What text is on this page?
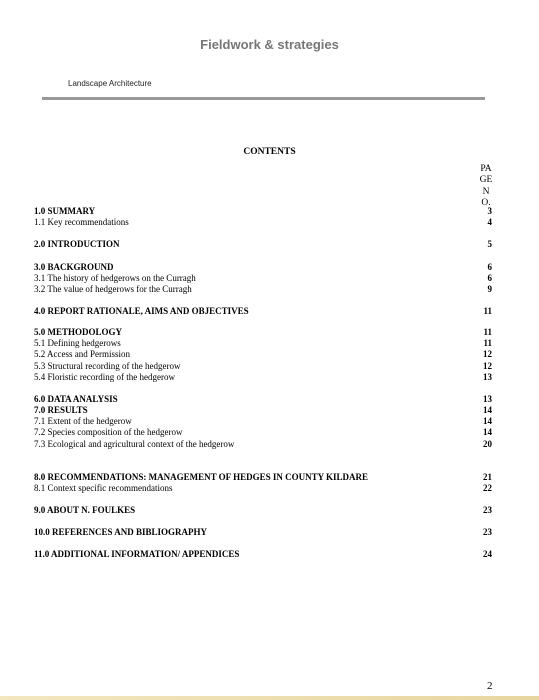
Fieldwork & strategies
Landscape Architecture
CONTENTS
PA
GE
N
O.
1.0 SUMMARY	3
1.1 Key recommendations	4
2.0 INTRODUCTION	5
3.0 BACKGROUND	6
3.1 The history of hedgerows on the Curragh	6
3.2 The value of hedgerows for the Curragh	9
4.0 REPORT RATIONALE, AIMS AND OBJECTIVES	11
5.0 METHODOLOGY	11
5.1 Defining hedgerows	11
5.2 Access and Permission	12
5.3 Structural recording of the hedgerow	12
5.4 Floristic recording of the hedgerow	13
6.0 DATA ANALYSIS	13
7.0 RESULTS	14
7.1 Extent of the hedgerow	14
7.2 Species composition of the hedgerow	14
7.3 Ecological and agricultural context of the hedgerow	20
8.0 RECOMMENDATIONS: MANAGEMENT OF HEDGES IN COUNTY KILDARE	21
8.1 Context specific recommendations	22
9.0 ABOUT N. FOULKES	23
10.0 REFERENCES AND BIBLIOGRAPHY	23
11.0 ADDITIONAL INFORMATION/ APPENDICES	24
2
